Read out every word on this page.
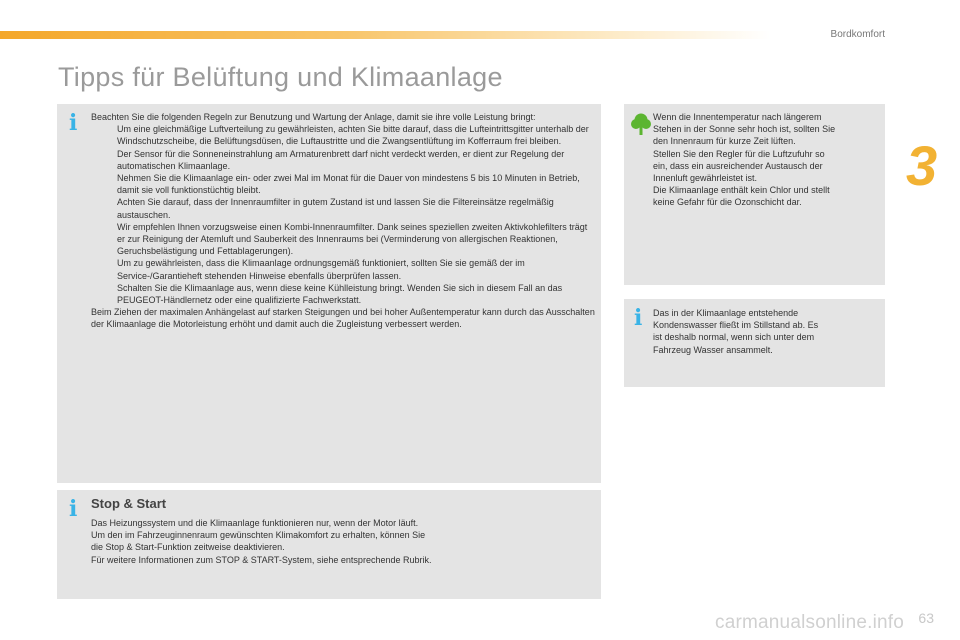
Bordkomfort
3
Tipps für Belüftung und Klimaanlage
i Beachten Sie die folgenden Regeln zur Benutzung und Wartung der Anlage, damit sie ihre volle Leistung bringt:

Um eine gleichmäßige Luftverteilung zu gewährleisten, achten Sie bitte darauf, dass die Lufteintrittsgitter unterhalb der Windschutzscheibe, die Belüftungsdüsen, die Luftaustritte und die Zwangsentlüftung im Kofferraum frei bleiben.

Der Sensor für die Sonneneinstrahlung am Armaturenbrett darf nicht verdeckt werden, er dient zur Regelung der automatischen Klimaanlage.

Nehmen Sie die Klimaanlage ein- oder zwei Mal im Monat für die Dauer von mindestens 5 bis 10 Minuten in Betrieb, damit sie voll funktionstüchtig bleibt.

Achten Sie darauf, dass der Innenraumfilter in gutem Zustand ist und lassen Sie die Filtereinsätze regelmäßig austauschen.

Wir empfehlen Ihnen vorzugsweise einen Kombi-Innenraumfilter. Dank seines speziellen zweiten Aktivkohlefilters trägt er zur Reinigung der Atemluft und Sauberkeit des Innenraums bei (Verminderung von allergischen Reaktionen, Geruchsbelästigung und Fettablagerungen).

Um zu gewährleisten, dass die Klimaanlage ordnungsgemäß funktioniert, sollten Sie sie gemäß der im Service-/Garantieheft stehenden Hinweise ebenfalls überprüfen lassen.

Schalten Sie die Klimaanlage aus, wenn diese keine Kühlleistung bringt. Wenden Sie sich in diesem Fall an das PEUGEOT-Händlernetz oder eine qualifizierte Fachwerkstatt.

Beim Ziehen der maximalen Anhängelast auf starken Steigungen und bei hoher Außentemperatur kann durch das Ausschalten der Klimaanlage die Motorleistung erhöht und damit auch die Zugleistung verbessert werden.

i Stop & Start

Das Heizungssystem und die Klimaanlage funktionieren nur, wenn der Motor läuft.

Um den im Fahrzeuginnenraum gewünschten Klimakomfort zu erhalten, können Sie

die Stop & Start-Funktion zeitweise deaktivieren.

Für weitere Informationen zum STOP & START-System, siehe entsprechende Rubrik.

Wenn die Innentemperatur nach längerem

Stehen in der Sonne sehr hoch ist, sollten Sie

den Innenraum für kurze Zeit lüften.

Stellen Sie den Regler für die Luftzufuhr so

ein, dass ein ausreichender Austausch der

Innenluft gewährleistet ist.

Die Klimaanlage enthält kein Chlor und stellt

keine Gefahr für die Ozonschicht dar.

i Das in der Klimaanlage entstehende

Kondenswasser fließt im Stillstand ab. Es

ist deshalb normal, wenn sich unter dem

Fahrzeug Wasser ansammelt.

carmanualsonline.info 63
